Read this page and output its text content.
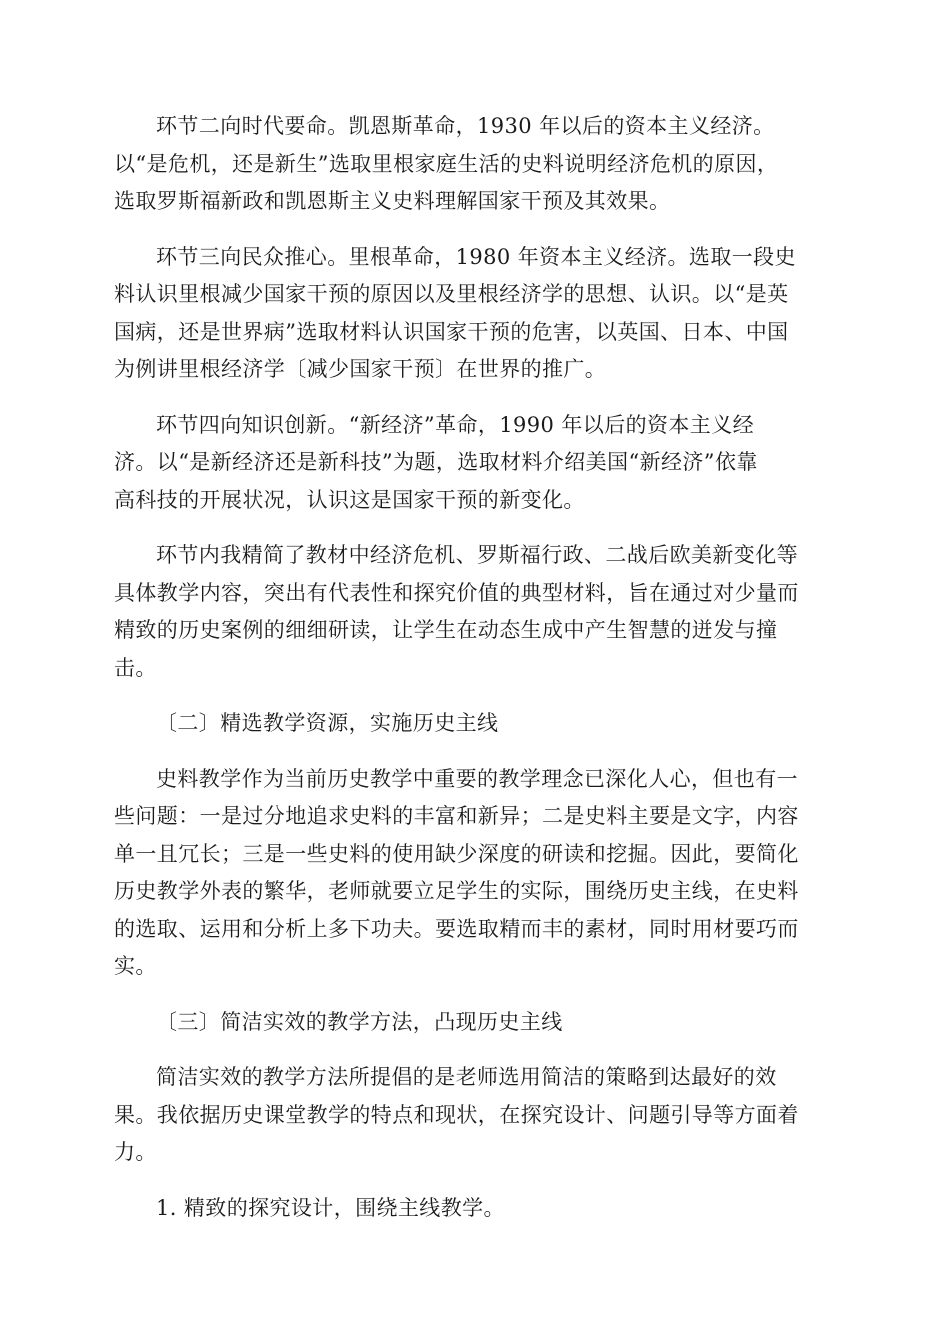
环节二向时代要命。凯恩斯革命，1930 年以后的资本主义经济。
以“是危机，还是新生”选取里根家庭生活的史料说明经济危机的原因，
选取罗斯福新政和凯恩斯主义史料理解国家干预及其效果。
环节三向民众推心。里根革命，1980 年资本主义经济。选取一段史
料认识里根减少国家干预的原因以及里根经济学的思想、认识。以“是英
国病，还是世界病”选取材料认识国家干预的危害，以英国、日本、中国
为例讲里根经济学〔减少国家干预〕在世界的推广。
环节四向知识创新。“新经济”革命，1990 年以后的资本主义经
济。以“是新经济还是新科技”为题，选取材料介绍美国“新经济”依靠
高科技的开展状况，认识这是国家干预的新变化。
环节内我精简了教材中经济危机、罗斯福行政、二战后欧美新变化等
具体教学内容，突出有代表性和探究价值的典型材料，旨在通过对少量而
精致的历史案例的细细研读，让学生在动态生成中产生智慧的迸发与撞
击。
〔二〕精选教学资源，实施历史主线
史料教学作为当前历史教学中重要的教学理念已深化人心，但也有一
些问题：一是过分地追求史料的丰富和新异；二是史料主要是文字，内容
单一且冗长；三是一些史料的使用缺少深度的研读和挖掘。因此，要简化
历史教学外表的繁华，老师就要立足学生的实际，围绕历史主线，在史料
的选取、运用和分析上多下功夫。要选取精而丰的素材，同时用材要巧而
实。
〔三〕简洁实效的教学方法，凸现历史主线
简洁实效的教学方法所提倡的是老师选用简洁的策略到达最好的效
果。我依据历史课堂教学的特点和现状，在探究设计、问题引导等方面着
力。
1. 精致的探究设计，围绕主线教学。
